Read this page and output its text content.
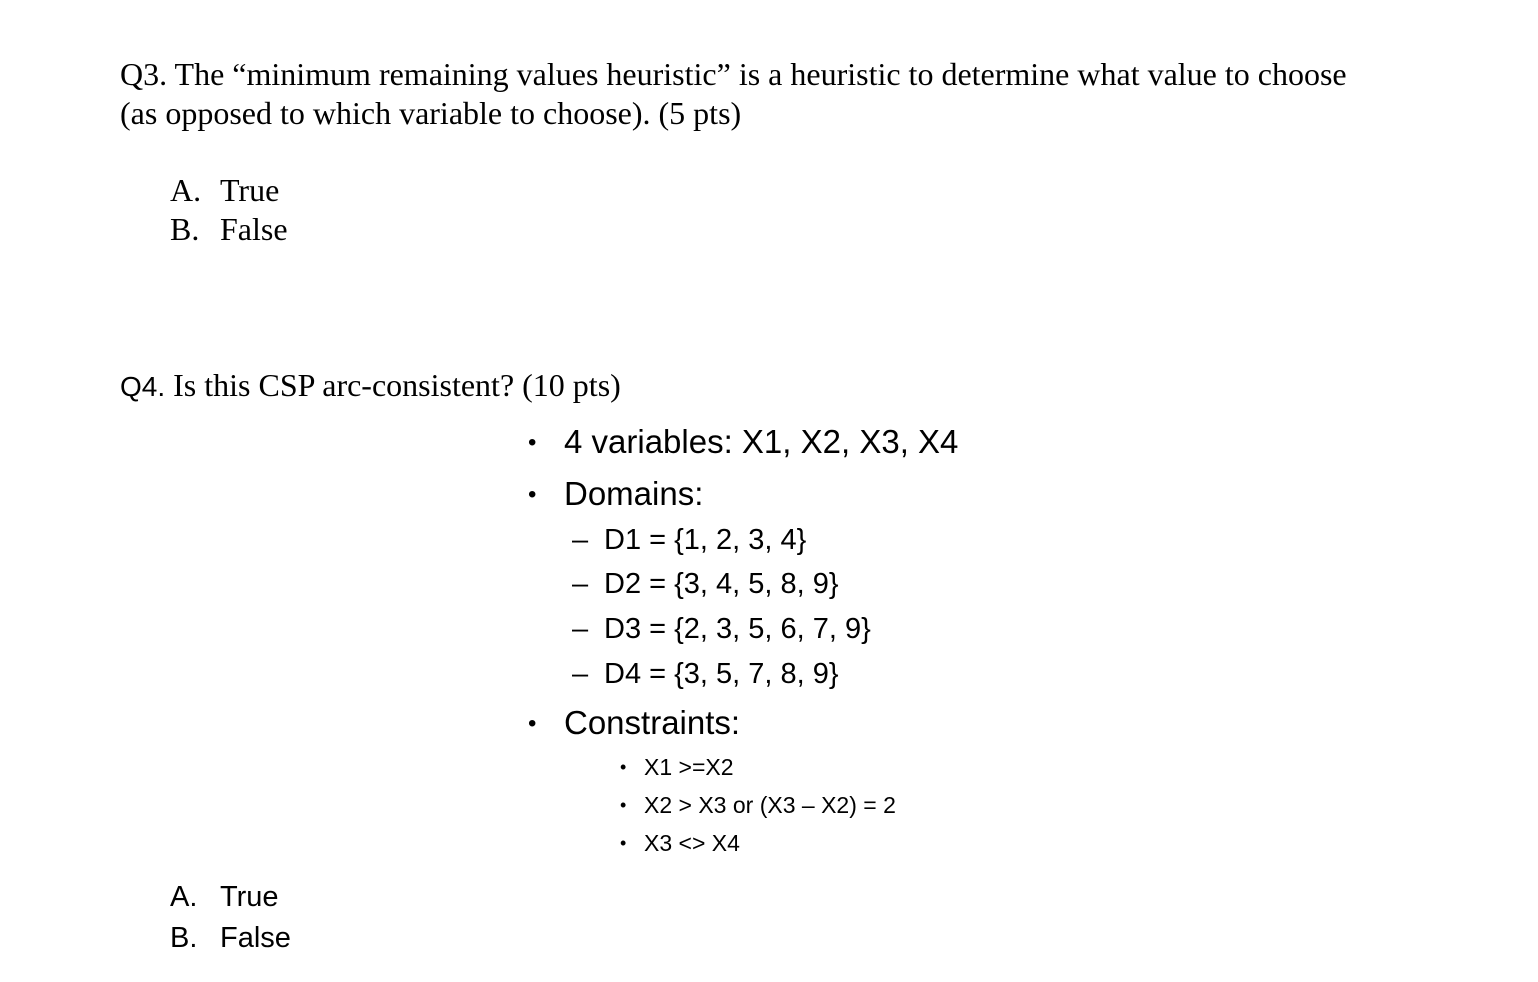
Q3. The “minimum remaining values heuristic” is a heuristic to determine what value to choose
(as opposed to which variable to choose). (5 pts)
A. True
B. False
Q4. Is this CSP arc-consistent? (10 pts)
• 4 variables: X1, X2, X3, X4
• Domains:
– D1 = {1, 2, 3, 4}
– D2 = {3, 4, 5, 8, 9}
– D3 = {2, 3, 5, 6, 7, 9}
– D4 = {3, 5, 7, 8, 9}
• Constraints:
• X1 >=X2
• X2 > X3 or (X3 – X2) = 2
• X3 <> X4
A. True
B. False
